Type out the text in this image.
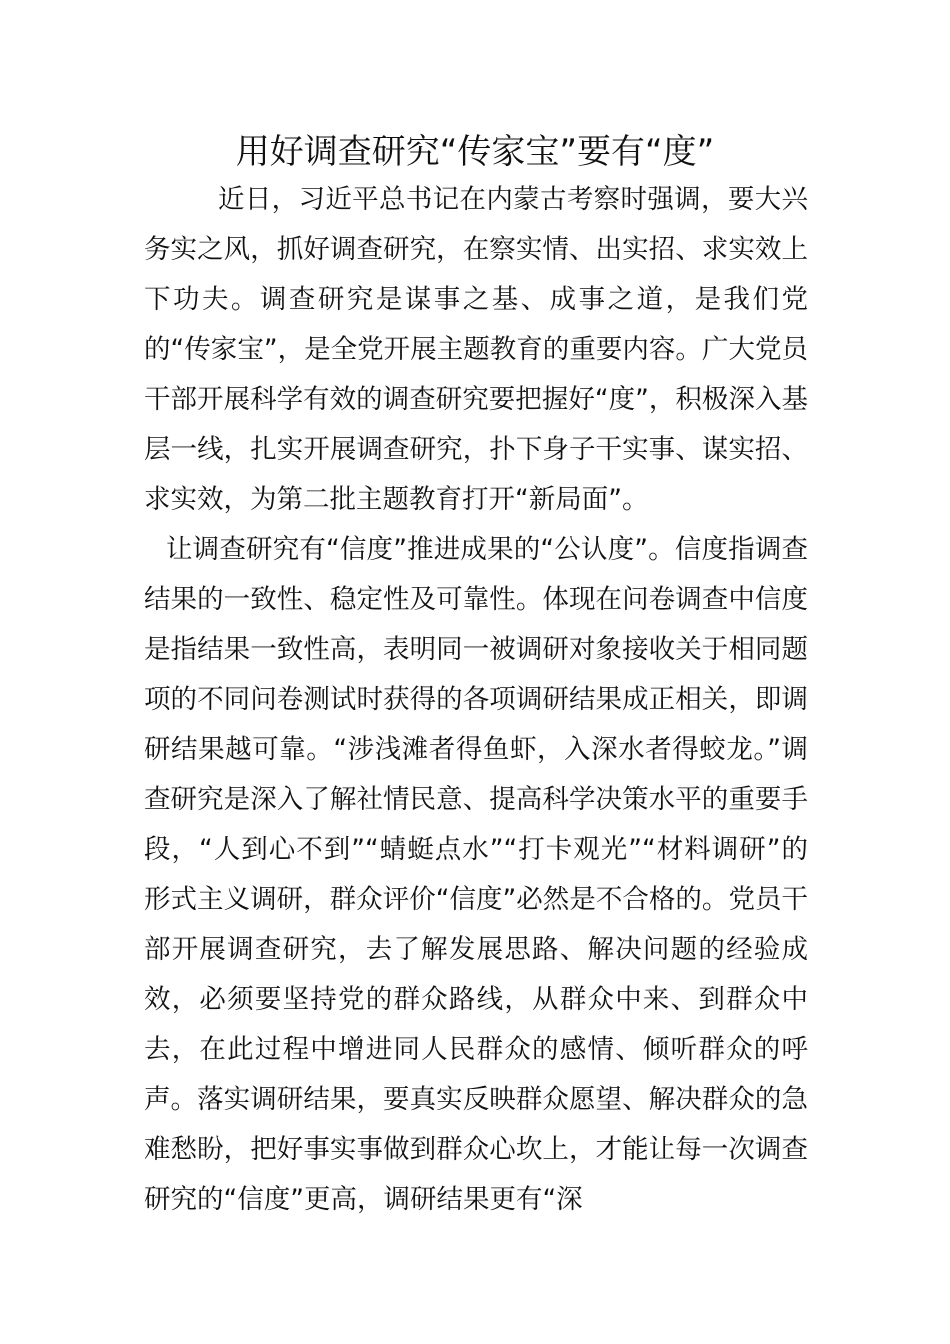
用好调查研究“传家宝”要有“度”

近日，习近平总书记在内蒙古考察时强调，要大兴务实之风，抓好调查研究，在察实情、出实招、求实效上下功夫。调查研究是谋事之基、成事之道，是我们党的“传家宝”，是全党开展主题教育的重要内容。广大党员干部开展科学有效的调查研究要把握好“度”，积极深入基层一线，扎实开展调查研究，扑下身子干实事、谋实招、求实效，为第二批主题教育打开“新局面”。

让调查研究有“信度”推进成果的“公认度”。信度指调查结果的一致性、稳定性及可靠性。体现在问卷调查中信度是指结果一致性高，表明同一被调研对象接收关于相同题项的不同问卷测试时获得的各项调研结果成正相关，即调研结果越可靠。“涉浅滩者得鱼虾，入深水者得蛟龙。”调查研究是深入了解社情民意、提高科学决策水平的重要手段，“人到心不到”“蜻蜓点水”“打卡观光”“材料调研”的形式主义调研，群众评价“信度”必然是不合格的。党员干部开展调查研究，去了解发展思路、解决问题的经验成效，必须要坚持党的群众路线，从群众中来、到群众中去，在此过程中增进同人民群众的感情、倾听群众的呼声。落实调研结果，要真实反映群众愿望、解决群众的急难愁盼，把好事实事做到群众心坎上，才能让每一次调查研究的“信度”更高，调研结果更有“深
